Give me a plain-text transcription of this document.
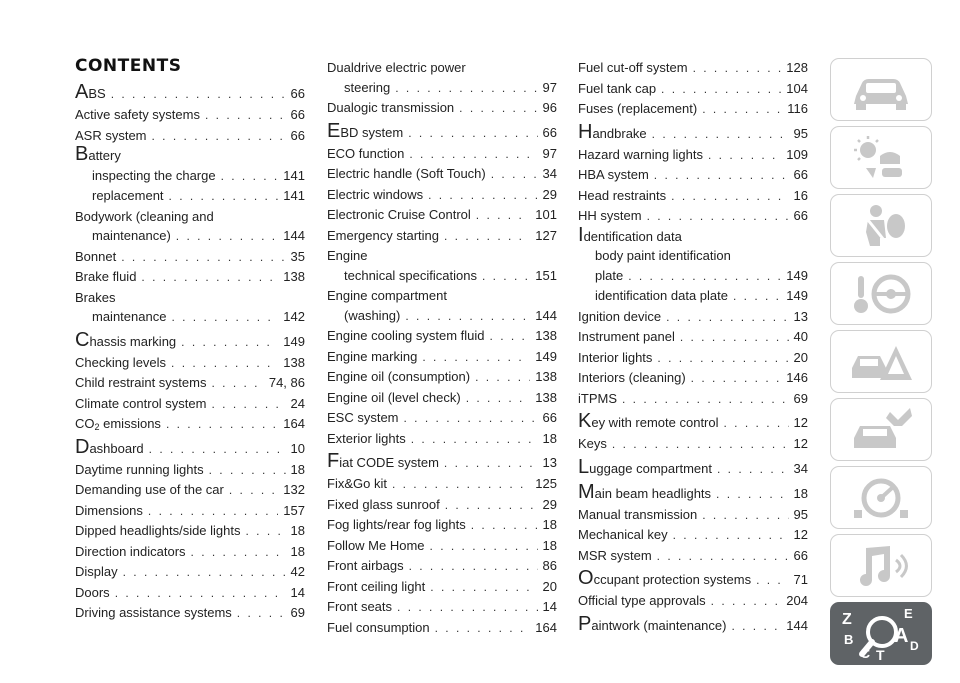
CONTENTS
ABS . . .	66
Active safety systems . . .	66
ASR system . . .	66
Battery
inspecting the charge . . .	141
replacement . . .	141
Bodywork (cleaning and
maintenance) . . .	144
Bonnet . . .	35
Brake fluid . . .	138
Brakes
maintenance . . .	142
Chassis marking . . .	149
Checking levels . . .	138
Child restraint systems . . .	74, 86
Climate control system . . .	24
$CO_2$ emissions . . .	164
Dashboard . . .	10
Daytime running lights . . .	18
Demanding use of the car . . .	132
Dimensions . . .	157
Dipped headlights/side lights . . .	18
Direction indicators . . .	18
Display . . .	42
Doors . . .	14
Driving assistance systems . . .	69
Dualdrive electric power
steering . . .	97
Dualogic transmission . . .	96
EBD system . . .	66
ECO function . . .	97
Electric handle (Soft Touch) . . .	34
Electric windows . . .	29
Electronic Cruise Control . . .	101
Emergency starting . . .	127
Engine
technical specifications . . .	151
Engine compartment
(washing) . . .	144
Engine cooling system fluid . . .	138
Engine marking . . .	149
Engine oil (consumption) . . .	138
Engine oil (level check) . . .	138
ESC system . . .	66
Exterior lights . . .	18
Fiat CODE system . . .	13
Fix&Go kit . . .	125
Fixed glass sunroof . . .	29
Fog lights/rear fog lights . . .	18
Follow Me Home . . .	18
Front airbags . . .	86
Front ceiling light . . .	20
Front seats . . .	14
Fuel consumption . . .	164
Fuel cut-off system . . .	128
Fuel tank cap . . .	104
Fuses (replacement) . . .	116
Handbrake . . .	95
Hazard warning lights . . .	109
HBA system . . .	66
Head restraints . . .	16
HH system . . .	66
Identification data
body paint identification
plate . . .	149
identification data plate . . .	149
Ignition device . . .	13
Instrument panel . . .	40
Interior lights . . .	20
Interiors (cleaning) . . .	146
iTPMS . . .	69
Key with remote control . . .	12
Keys . . .	12
Luggage compartment . . .	34
Main beam headlights . . .	18
Manual transmission . . .	95
Mechanical key . . .	12
MSR system . . .	66
Occupant protection systems . . .	71
Official type approvals . . .	204
Paintwork (maintenance) . . .	144 Z	E
B A
C	D
T
